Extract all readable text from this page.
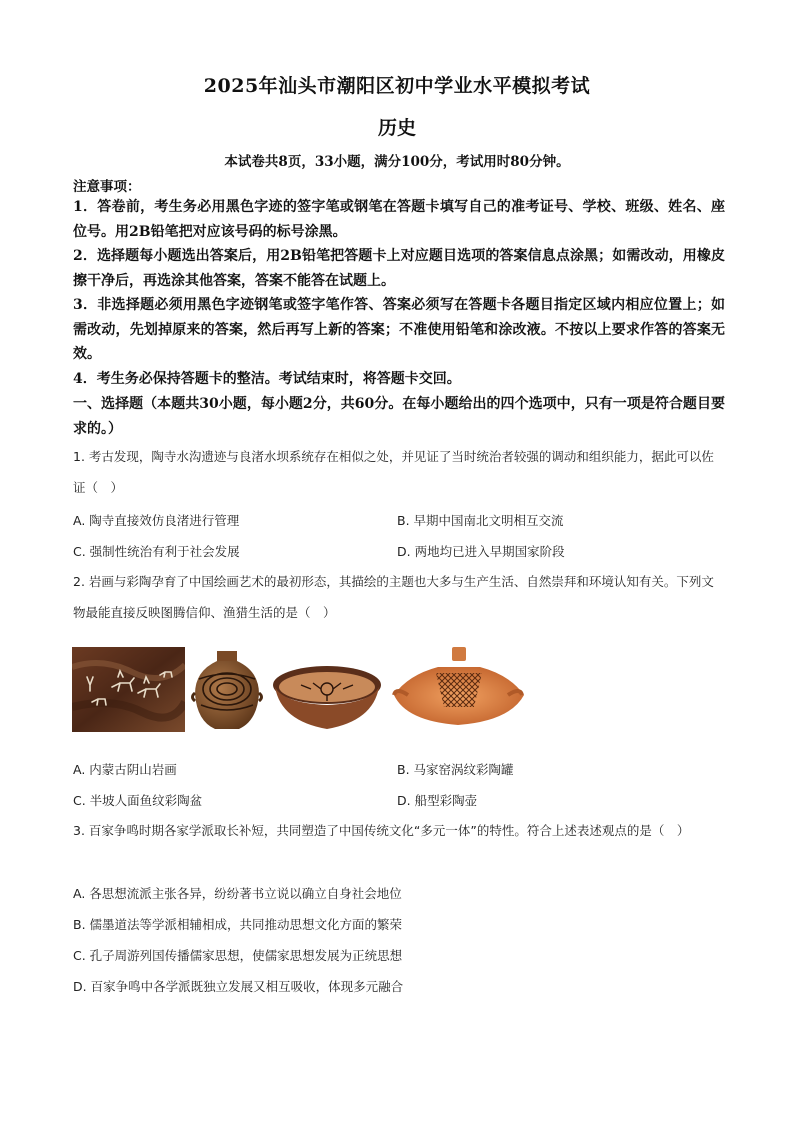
2025年汕头市潮阳区初中学业水平模拟考试
历史
本试卷共8页，33小题，满分100分，考试用时80分钟。
注意事项：
1．答卷前，考生务必用黑色字迹的签字笔或钢笔在答题卡填写自己的准考证号、学校、班级、姓名、座位号。用2B铅笔把对应该号码的标号涂黑。
2．选择题每小题选出答案后，用2B铅笔把答题卡上对应题目选项的答案信息点涂黑；如需改动，用橡皮擦干净后，再选涂其他答案，答案不能答在试题上。
3．非选择题必须用黑色字迹钢笔或签字笔作答、答案必须写在答题卡各题目指定区域内相应位置上；如需改动，先划掉原来的答案，然后再写上新的答案；不准使用铅笔和涂改液。不按以上要求作答的答案无效。
4．考生务必保持答题卡的整洁。考试结束时，将答题卡交回。
一、选择题（本题共30小题，每小题2分，共60分。在每小题给出的四个选项中，只有一项是符合题目要求的。）
1. 考古发现，陶寺水沟遗迹与良渚水坝系统存在相似之处，并见证了当时统治者较强的调动和组织能力，据此可以佐证（　）
A. 陶寺直接效仿良渚进行管理	B. 早期中国南北文明相互交流
C. 强制性统治有利于社会发展	D. 两地均已进入早期国家阶段
2. 岩画与彩陶孕育了中国绘画艺术的最初形态，其描绘的主题也大多与生产生活、自然崇拜和环境认知有关。下列文物最能直接反映图腾信仰、渔猎生活的是（　）
A. 内蒙古阴山岩画	B. 马家窑涡纹彩陶罐
C. 半坡人面鱼纹彩陶盆	D. 船型彩陶壶
3. 百家争鸣时期各家学派取长补短，共同塑造了中国传统文化“多元一体”的特性。符合上述表述观点的是（　）
A. 各思想流派主张各异，纷纷著书立说以确立自身社会地位
B. 儒墨道法等学派相辅相成，共同推动思想文化方面的繁荣
C. 孔子周游列国传播儒家思想，使儒家思想发展为正统思想
D. 百家争鸣中各学派既独立发展又相互吸收，体现多元融合
